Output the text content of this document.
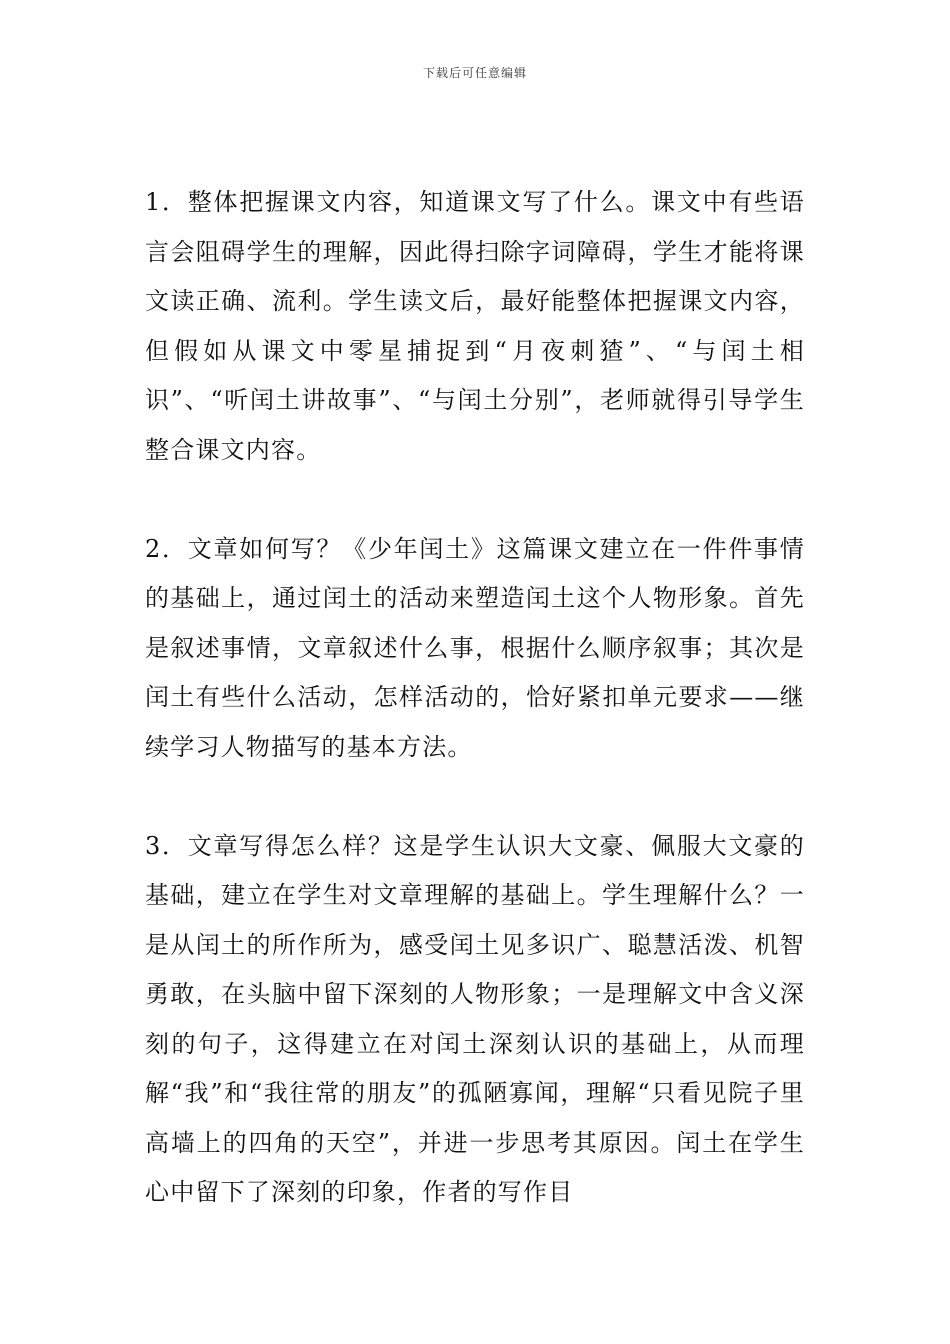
下载后可任意编辑

1．整体把握课文内容，知道课文写了什么。课文中有些语言会阻碍学生的理解，因此得扫除字词障碍，学生才能将课文读正确、流利。学生读文后，最好能整体把握课文内容，但假如从课文中零星捕捉到“月夜刺猹”、“与闰土相识”、“听闰土讲故事”、“与闰土分别”，老师就得引导学生整合课文内容。

2．文章如何写？《少年闰土》这篇课文建立在一件件事情的基础上，通过闰土的活动来塑造闰土这个人物形象。首先是叙述事情，文章叙述什么事，根据什么顺序叙事；其次是闰土有些什么活动，怎样活动的，恰好紧扣单元要求——继续学习人物描写的基本方法。

3．文章写得怎么样？这是学生认识大文豪、佩服大文豪的基础，建立在学生对文章理解的基础上。学生理解什么？一是从闰土的所作所为，感受闰土见多识广、聪慧活泼、机智勇敢，在头脑中留下深刻的人物形象；一是理解文中含义深刻的句子，这得建立在对闰土深刻认识的基础上，从而理解“我”和“我往常的朋友”的孤陋寡闻，理解“只看见院子里高墙上的四角的天空”，并进一步思考其原因。闰土在学生心中留下了深刻的印象，作者的写作目
